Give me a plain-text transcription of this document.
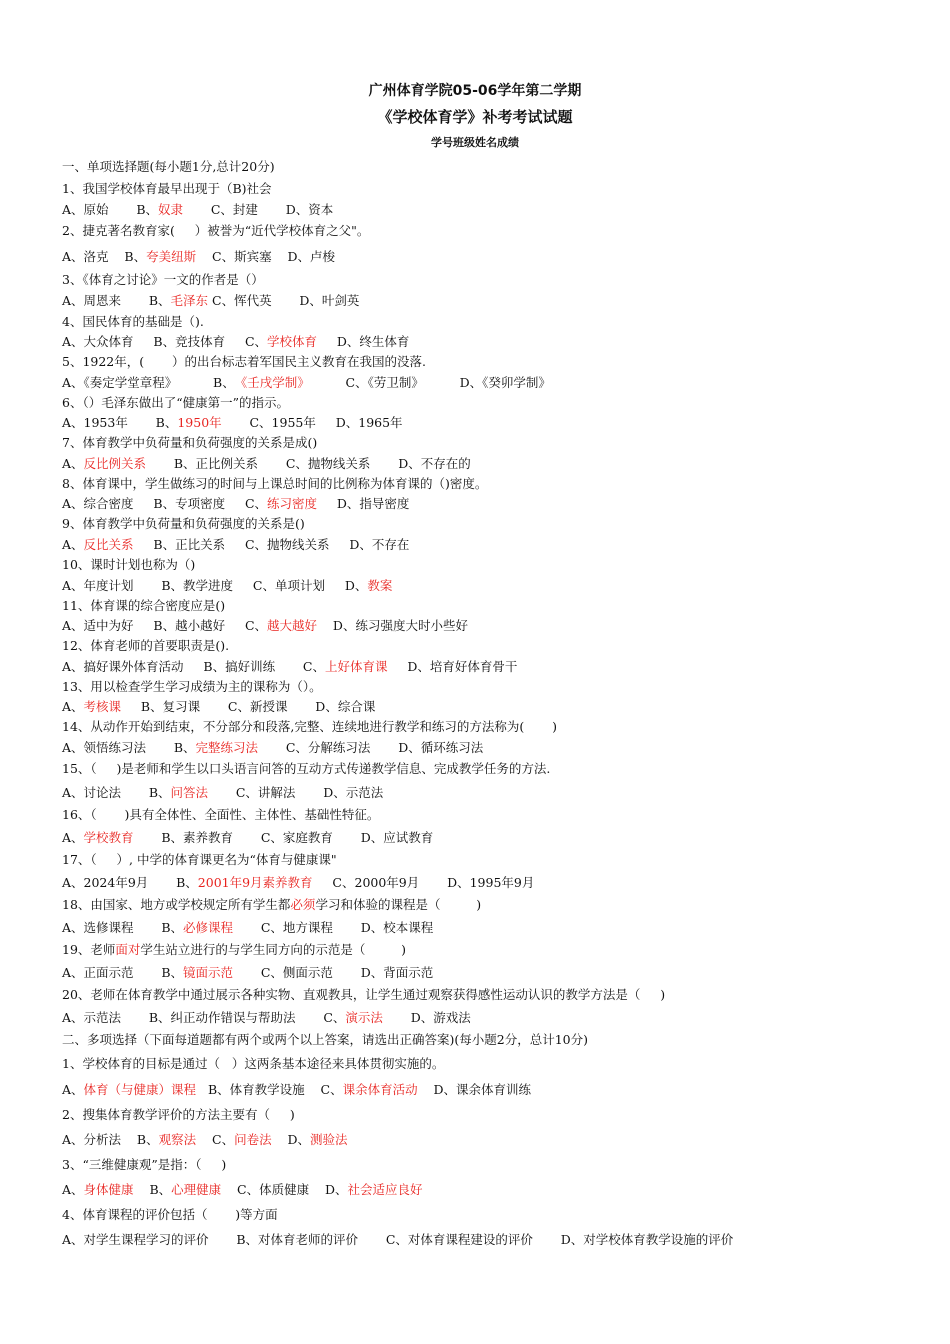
广州体育学院05-06学年第二学期
《学校体育学》补考考试试题
学号班级姓名成绩
一、单项选择题(每小题1分,总计20分)
1、我国学校体育最早出现于（B)社会
A、原始       B、奴隶       C、封建       D、资本
2、捷克著名教育家(     ）被誉为“近代学校体育之父"。
A、洛克    B、夸美纽斯    C、斯宾塞    D、卢梭
3、《体育之讨论》一文的作者是（）
A、周恩来       B、毛泽东 C、恽代英       D、叶剑英
4、国民体育的基础是（).
A、大众体育     B、竞技体育     C、学校体育     D、终生体育
5、1922年，(       ）的出台标志着军国民主义教育在我国的没落.
A、《奏定学堂章程》         B、《壬戌学制》         C、《劳卫制》         D、《癸卯学制》
6、（）毛泽东做出了“健康第一”的指示。
A、1953年       B、1950年       C、1955年     D、1965年
7、体育教学中负荷量和负荷强度的关系是成()
A、反比例关系       B、正比例关系       C、抛物线关系       D、不存在的
8、体育课中，学生做练习的时间与上课总时间的比例称为体育课的（)密度。
A、综合密度     B、专项密度     C、练习密度     D、指导密度
9、体育教学中负荷量和负荷强度的关系是()
A、反比关系     B、正比关系     C、抛物线关系     D、不存在
10、课时计划也称为（)
A、年度计划       B、教学进度     C、单项计划     D、教案
11、体育课的综合密度应是()
A、适中为好     B、越小越好     C、越大越好    D、练习强度大时小些好
12、体育老师的首要职责是().
A、搞好课外体育活动     B、搞好训练       C、上好体育课     D、培育好体育骨干
13、用以检查学生学习成绩为主的课称为（）。
A、考核课     B、复习课       C、新授课       D、综合课
14、从动作开始到结束，不分部分和段落,完整、连续地进行教学和练习的方法称为(       )
A、领悟练习法       B、完整练习法       C、分解练习法       D、循环练习法
15、（     )是老师和学生以口头语言问答的互动方式传递教学信息、完成教学任务的方法.
A、讨论法       B、问答法       C、讲解法       D、示范法
16、（       )具有全体性、全面性、主体性、基础性特征。
A、学校教育       B、素养教育       C、家庭教育       D、应试教育
17、（     ）, 中学的体育课更名为“体育与健康课"
A、2024年9月       B、2001年9月素养教育     C、2000年9月       D、1995年9月
18、由国家、地方或学校规定所有学生都必须学习和体验的课程是（         )
A、选修课程       B、必修课程       C、地方课程       D、校本课程
19、老师面对学生站立进行的与学生同方向的示范是（         )
A、正面示范       B、镜面示范       C、侧面示范       D、背面示范
20、老师在体育教学中通过展示各种实物、直观教具，让学生通过观察获得感性运动认识的教学方法是（     )
A、示范法       B、纠正动作错误与帮助法       C、演示法       D、游戏法
二、多项选择（下面每道题都有两个或两个以上答案，请选出正确答案)(每小题2分，总计10分)
1、学校体育的目标是通过（   ）这两条基本途径来具体贯彻实施的。
A、体育（与健康）课程   B、体育教学设施    C、课余体育活动    D、课余体育训练
2、搜集体育教学评价的方法主要有（     )
A、分析法    B、观察法    C、问卷法    D、测验法
3、“三维健康观”是指：（     )
A、身体健康    B、心理健康    C、体质健康    D、社会适应良好
4、体育课程的评价包括（       )等方面
A、对学生课程学习的评价       B、对体育老师的评价       C、对体育课程建设的评价       D、对学校体育教学设施的评价
